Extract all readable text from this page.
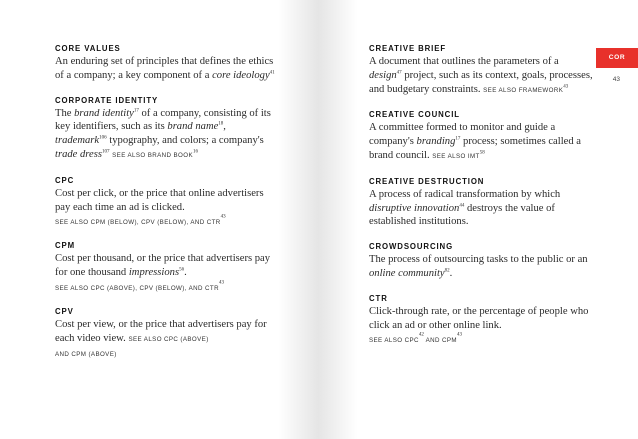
CORE VALUES
An enduring set of principles that defines the ethics of a company; a key component of a core ideology$^{41}$
CORPORATE IDENTITY
The brand identity$^{17}$ of a company, consisting of its key identifiers, such as its brand name$^{18}$, trademark$^{106}$ typography, and colors; a company's trade dress$^{107}$ SEE ALSO BRAND BOOK$^{16}$
CPC
Cost per click, or the price that online advertisers pay each time an ad is clicked.
SEE ALSO CPM (BELOW), CPV (BELOW), AND CTR$^{43}$
CPM
Cost per thousand, or the price that advertisers pay for one thousand impressions$^{56}$.
SEE ALSO CPC (ABOVE), CPV (BELOW), AND CTR$^{43}$
CPV
Cost per view, or the price that advertisers pay for each video view. SEE ALSO CPC (ABOVE)
AND CPM (ABOVE)
COR
43
CREATIVE BRIEF
A document that outlines the parameters of a design$^{47}$ project, such as its context, goals, processes, and budgetary constraints. SEE ALSO FRAMEWORK$^{43}$
CREATIVE COUNCIL
A committee formed to monitor and guide a company's branding$^{17}$ process; sometimes called a brand council. SEE ALSO IMT$^{58}$
CREATIVE DESTRUCTION
A process of radical transformation by which disruptive innovation$^{44}$ destroys the value of established institutions.
CROWDSOURCING
The process of outsourcing tasks to the public or an online community$^{82}$.
CTR
Click-through rate, or the percentage of people who click an ad or other online link.
SEE ALSO CPC$^{42}$ AND CPM$^{43}$
